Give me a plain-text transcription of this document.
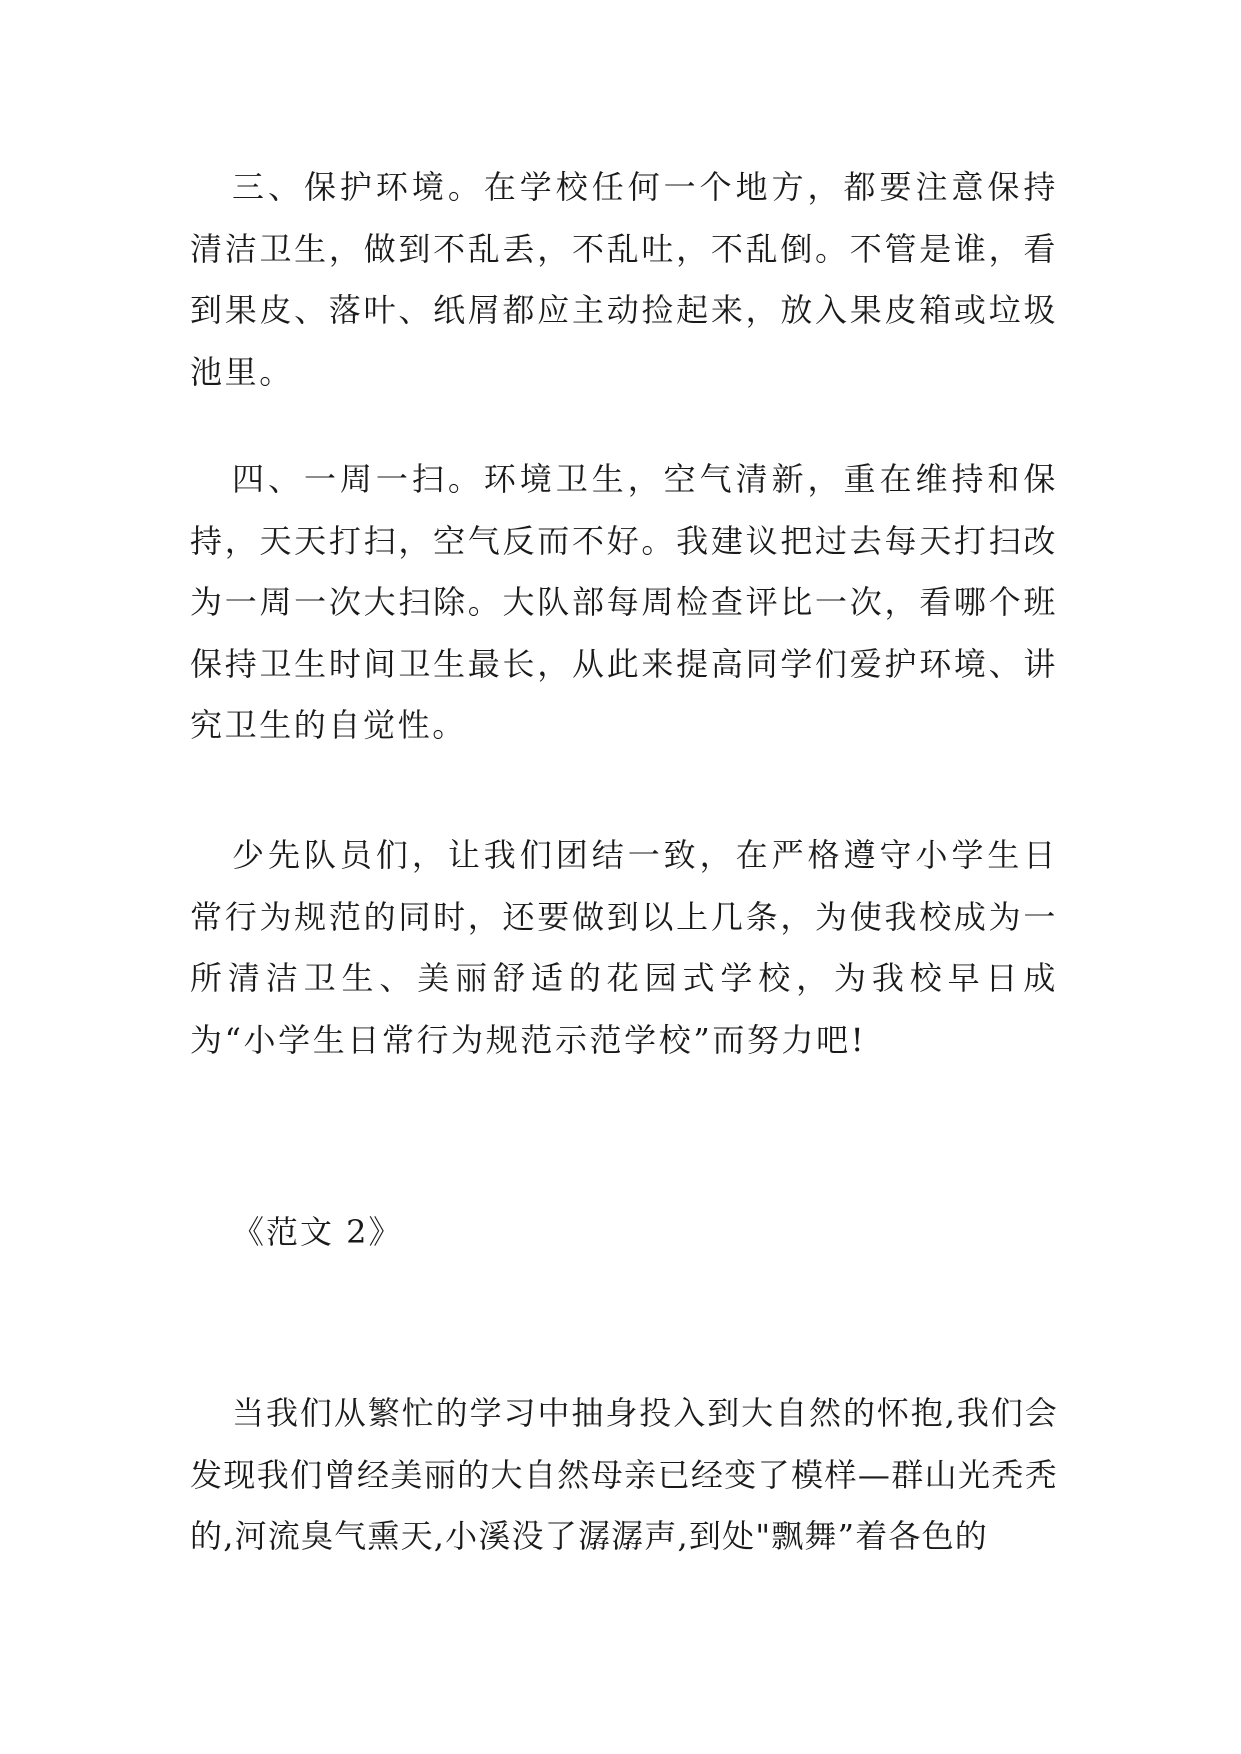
三、保护环境。在学校任何一个地方，都要注意保持清洁卫生，做到不乱丢，不乱吐，不乱倒。不管是谁，看到果皮、落叶、纸屑都应主动捡起来，放入果皮箱或垃圾池里。

四、一周一扫。环境卫生，空气清新，重在维持和保持，天天打扫，空气反而不好。我建议把过去每天打扫改为一周一次大扫除。大队部每周检查评比一次，看哪个班保持卫生时间卫生最长，从此来提高同学们爱护环境、讲究卫生的自觉性。

少先队员们，让我们团结一致，在严格遵守小学生日常行为规范的同时，还要做到以上几条，为使我校成为一所清洁卫生、美丽舒适的花园式学校，为我校早日成为“小学生日常行为规范示范学校”而努力吧!

《范文 2》

当我们从繁忙的学习中抽身投入到大自然的怀抱,我们会发现我们曾经美丽的大自然母亲已经变了模样—群山光秃秃的,河流臭气熏天,小溪没了潺潺声,到处"飘舞”着各色的
